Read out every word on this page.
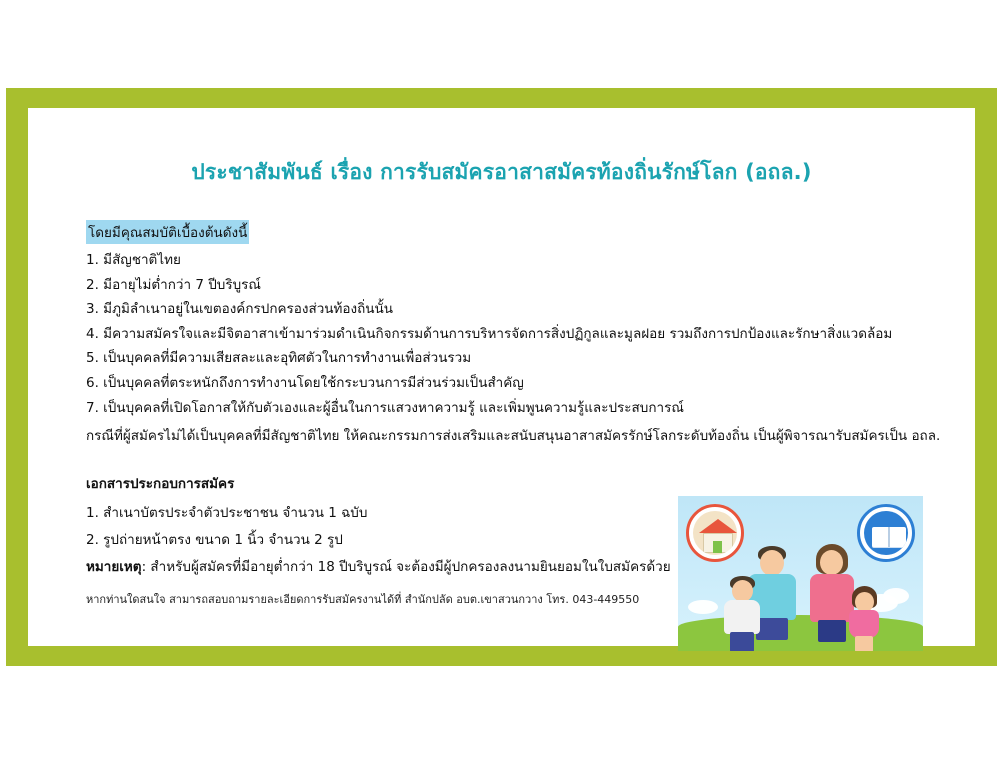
ประชาสัมพันธ์ เรื่อง การรับสมัครอาสาสมัครท้องถิ่นรักษ์โลก (อถล.)
โดยมีคุณสมบัติเบื้องต้นดังนี้
1. มีสัญชาติไทย
2. มีอายุไม่ต่ำกว่า 7 ปีบริบูรณ์
3. มีภูมิลำเนาอยู่ในเขตองค์กรปกครองส่วนท้องถิ่นนั้น
4. มีความสมัครใจและมีจิตอาสาเข้ามาร่วมดำเนินกิจกรรมด้านการบริหารจัดการสิ่งปฏิกูลและมูลฝอย รวมถึงการปกป้องและรักษาสิ่งแวดล้อม
5. เป็นบุคคลที่มีความเสียสละและอุทิศตัวในการทำงานเพื่อส่วนรวม
6. เป็นบุคคลที่ตระหนักถึงการทำงานโดยใช้กระบวนการมีส่วนร่วมเป็นสำคัญ
7. เป็นบุคคลที่เปิดโอกาสให้กับตัวเองและผู้อื่นในการแสวงหาความรู้ และเพิ่มพูนความรู้และประสบการณ์
กรณีที่ผู้สมัครไม่ได้เป็นบุคคลที่มีสัญชาติไทย ให้คณะกรรมการส่งเสริมและสนับสนุนอาสาสมัครรักษ์โลกระดับท้องถิ่น เป็นผู้พิจารณารับสมัครเป็น อถล.
เอกสารประกอบการสมัคร
1. สำเนาบัตรประจำตัวประชาชน จำนวน 1 ฉบับ
2. รูปถ่ายหน้าตรง ขนาด 1 นิ้ว จำนวน 2 รูป
หมายเหตุ: สำหรับผู้สมัครที่มีอายุต่ำกว่า 18 ปีบริบูรณ์ จะต้องมีผู้ปกครองลงนามยินยอมในใบสมัครด้วย
หากท่านใดสนใจ สามารถสอบถามรายละเอียดการรับสมัครงานได้ที่ สำนักปลัด อบต.เขาสวนกวาง โทร. 043-449550
